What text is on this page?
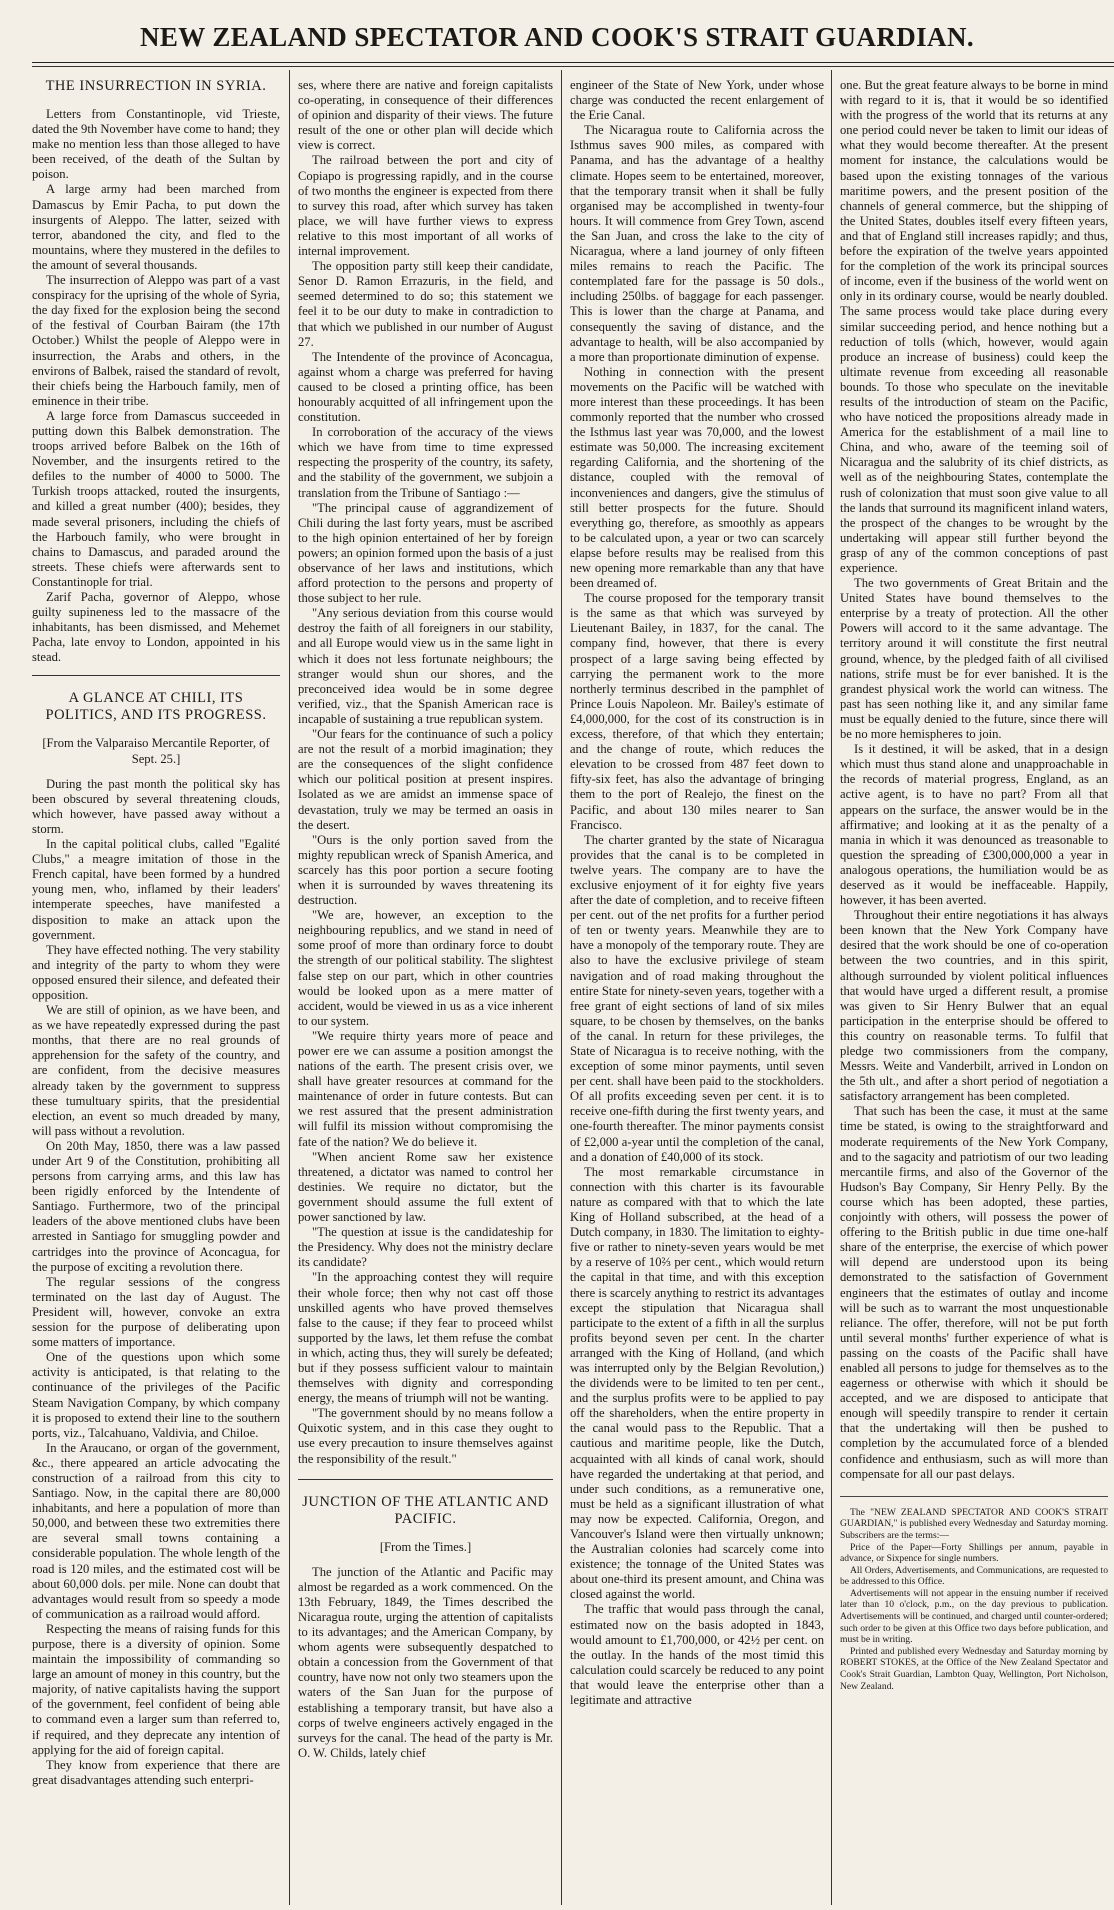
NEW ZEALAND SPECTATOR AND COOK'S STRAIT GUARDIAN.
THE INSURRECTION IN SYRIA.

Letters from Constantinople, vid Trieste, dated the 9th November have come to hand; they make no mention less than those alleged to have been received, of the death of the Sultan by poison.

A large army had been marched from Damascus by Emir Pacha, to put down the insurgents of Aleppo. The latter, seized with terror, abandoned the city, and fled to the mountains, where they mustered in the defiles to the amount of several thousands.

The insurrection of Aleppo was part of a vast conspiracy for the uprising of the whole of Syria, the day fixed for the explosion being the second of the festival of Courban Bairam (the 17th October.) Whilst the people of Aleppo were in insurrection, the Arabs and others, in the environs of Balbek, raised the standard of revolt, their chiefs being the Harbouch family, men of eminence in their tribe.

A large force from Damascus succeeded in putting down this Balbek demonstration. The troops arrived before Balbek on the 16th of November, and the insurgents retired to the defiles to the number of 4000 to 5000. The Turkish troops attacked, routed the insurgents, and killed a great number (400); besides, they made several prisoners, including the chiefs of the Harbouch family, who were brought in chains to Damascus, and paraded around the streets. These chiefs were afterwards sent to Constantinople for trial.

Zarif Pacha, governor of Aleppo, whose guilty supineness led to the massacre of the inhabitants, has been dismissed, and Mehemet Pacha, late envoy to London, appointed in his stead.

A GLANCE AT CHILI, ITS POLITICS, AND ITS PROGRESS.

[From the Valparaiso Mercantile Reporter, of Sept. 25.]

During the past month the political sky has been obscured by several threatening clouds, which however, have passed away without a storm.

In the capital political clubs, called "Egalité Clubs," a meagre imitation of those in the French capital, have been formed by a hundred young men, who, inflamed by their leaders' intemperate speeches, have manifested a disposition to make an attack upon the government.

They have effected nothing. The very stability and integrity of the party to whom they were opposed ensured their silence, and defeated their opposition.

We are still of opinion, as we have been, and as we have repeatedly expressed during the past months, that there are no real grounds of apprehension for the safety of the country, and are confident, from the decisive measures already taken by the government to suppress these tumultuary spirits, that the presidential election, an event so much dreaded by many, will pass without a revolution.

On 20th May, 1850, there was a law passed under Art 9 of the Constitution, prohibiting all persons from carrying arms, and this law has been rigidly enforced by the Intendente of Santiago. Furthermore, two of the principal leaders of the above mentioned clubs have been arrested in Santiago for smuggling powder and cartridges into the province of Aconcagua, for the purpose of exciting a revolution there.

The regular sessions of the congress terminated on the last day of August. The President will, however, convoke an extra session for the purpose of deliberating upon some matters of importance.

One of the questions upon which some activity is anticipated, is that relating to the continuance of the privileges of the Pacific Steam Navigation Company, by which company it is proposed to extend their line to the southern ports, viz., Talcahuano, Valdivia, and Chiloe.

In the Araucano, or organ of the government, &c., there appeared an article advocating the construction of a railroad from this city to Santiago. Now, in the capital there are 80,000 inhabitants, and here a population of more than 50,000, and between these two extremities there are several small towns containing a considerable population. The whole length of the road is 120 miles, and the estimated cost will be about 60,000 dols. per mile. None can doubt that advantages would result from so speedy a mode of communication as a railroad would afford.

Respecting the means of raising funds for this purpose, there is a diversity of opinion. Some maintain the impossibility of commanding so large an amount of money in this country, but the majority, of native capitalists having the support of the government, feel confident of being able to command even a larger sum than referred to, if required, and they deprecate any intention of applying for the aid of foreign capital.

They know from experience that there are great disadvantages attending such enterpri-

ses, where there are native and foreign capitalists co-operating, in consequence of their differences of opinion and disparity of their views. The future result of the one or other plan will decide which view is correct.

The railroad between the port and city of Copiapo is progressing rapidly, and in the course of two months the engineer is expected from there to survey this road, after which survey has taken place, we will have further views to express relative to this most important of all works of internal improvement.

The opposition party still keep their candidate, Senor D. Ramon Errazuris, in the field, and seemed determined to do so; this statement we feel it to be our duty to make in contradiction to that which we published in our number of August 27.

The Intendente of the province of Aconcagua, against whom a charge was preferred for having caused to be closed a printing office, has been honourably acquitted of all infringement upon the constitution.

In corroboration of the accuracy of the views which we have from time to time expressed respecting the prosperity of the country, its safety, and the stability of the government, we subjoin a translation from the Tribune of Santiago :—

"The principal cause of aggrandizement of Chili during the last forty years, must be ascribed to the high opinion entertained of her by foreign powers; an opinion formed upon the basis of a just observance of her laws and institutions, which afford protection to the persons and property of those subject to her rule.

"Any serious deviation from this course would destroy the faith of all foreigners in our stability, and all Europe would view us in the same light in which it does not less fortunate neighbours; the stranger would shun our shores, and the preconceived idea would be in some degree verified, viz., that the Spanish American race is incapable of sustaining a true republican system.

"Our fears for the continuance of such a policy are not the result of a morbid imagination; they are the consequences of the slight confidence which our political position at present inspires. Isolated as we are amidst an immense space of devastation, truly we may be termed an oasis in the desert.

"Ours is the only portion saved from the mighty republican wreck of Spanish America, and scarcely has this poor portion a secure footing when it is surrounded by waves threatening its destruction.

"We are, however, an exception to the neighbouring republics, and we stand in need of some proof of more than ordinary force to doubt the strength of our political stability. The slightest false step on our part, which in other countries would be looked upon as a mere matter of accident, would be viewed in us as a vice inherent to our system.

"We require thirty years more of peace and power ere we can assume a position amongst the nations of the earth. The present crisis over, we shall have greater resources at command for the maintenance of order in future contests. But can we rest assured that the present administration will fulfil its mission without compromising the fate of the nation? We do believe it.

"When ancient Rome saw her existence threatened, a dictator was named to control her destinies. We require no dictator, but the government should assume the full extent of power sanctioned by law.

"The question at issue is the candidateship for the Presidency. Why does not the ministry declare its candidate?

"In the approaching contest they will require their whole force; then why not cast off those unskilled agents who have proved themselves false to the cause; if they fear to proceed whilst supported by the laws, let them refuse the combat in which, acting thus, they will surely be defeated; but if they possess sufficient valour to maintain themselves with dignity and corresponding energy, the means of triumph will not be wanting.

"The government should by no means follow a Quixotic system, and in this case they ought to use every precaution to insure themselves against the responsibility of the result."

JUNCTION OF THE ATLANTIC AND PACIFIC.

[From the Times.]

The junction of the Atlantic and Pacific may almost be regarded as a work commenced. On the 13th February, 1849, the Times described the Nicaragua route, urging the attention of capitalists to its advantages; and the American Company, by whom agents were subsequently despatched to obtain a concession from the Government of that country, have now not only two steamers upon the waters of the San Juan for the purpose of establishing a temporary transit, but have also a corps of twelve engineers actively engaged in the surveys for the canal. The head of the party is Mr. O. W. Childs, lately chief

engineer of the State of New York, under whose charge was conducted the recent enlargement of the Erie Canal.

The Nicaragua route to California across the Isthmus saves 900 miles, as compared with Panama, and has the advantage of a healthy climate. Hopes seem to be entertained, moreover, that the temporary transit when it shall be fully organised may be accomplished in twenty-four hours. It will commence from Grey Town, ascend the San Juan, and cross the lake to the city of Nicaragua, where a land journey of only fifteen miles remains to reach the Pacific. The contemplated fare for the passage is 50 dols., including 250lbs. of baggage for each passenger. This is lower than the charge at Panama, and consequently the saving of distance, and the advantage to health, will be also accompanied by a more than proportionate diminution of expense.

Nothing in connection with the present movements on the Pacific will be watched with more interest than these proceedings. It has been commonly reported that the number who crossed the Isthmus last year was 70,000, and the lowest estimate was 50,000. The increasing excitement regarding California, and the shortening of the distance, coupled with the removal of inconveniences and dangers, give the stimulus of still better prospects for the future. Should everything go, therefore, as smoothly as appears to be calculated upon, a year or two can scarcely elapse before results may be realised from this new opening more remarkable than any that have been dreamed of.

The course proposed for the temporary transit is the same as that which was surveyed by Lieutenant Bailey, in 1837, for the canal. The company find, however, that there is every prospect of a large saving being effected by carrying the permanent work to the more northerly terminus described in the pamphlet of Prince Louis Napoleon. Mr. Bailey's estimate of £4,000,000, for the cost of its construction is in excess, therefore, of that which they entertain; and the change of route, which reduces the elevation to be crossed from 487 feet down to fifty-six feet, has also the advantage of bringing them to the port of Realejo, the finest on the Pacific, and about 130 miles nearer to San Francisco.

The charter granted by the state of Nicaragua provides that the canal is to be completed in twelve years. The company are to have the exclusive enjoyment of it for eighty five years after the date of completion, and to receive fifteen per cent. out of the net profits for a further period of ten or twenty years. Meanwhile they are to have a monopoly of the temporary route. They are also to have the exclusive privilege of steam navigation and of road making throughout the entire State for ninety-seven years, together with a free grant of eight sections of land of six miles square, to be chosen by themselves, on the banks of the canal. In return for these privileges, the State of Nicaragua is to receive nothing, with the exception of some minor payments, until seven per cent. shall have been paid to the stockholders. Of all profits exceeding seven per cent. it is to receive one-fifth during the first twenty years, and one-fourth thereafter. The minor payments consist of £2,000 a-year until the completion of the canal, and a donation of £40,000 of its stock.

The most remarkable circumstance in connection with this charter is its favourable nature as compared with that to which the late King of Holland subscribed, at the head of a Dutch company, in 1830. The limitation to eighty-five or rather to ninety-seven years would be met by a reserve of 10⅔ per cent., which would return the capital in that time, and with this exception there is scarcely anything to restrict its advantages except the stipulation that Nicaragua shall participate to the extent of a fifth in all the surplus profits beyond seven per cent. In the charter arranged with the King of Holland, (and which was interrupted only by the Belgian Revolution,) the dividends were to be limited to ten per cent., and the surplus profits were to be applied to pay off the shareholders, when the entire property in the canal would pass to the Republic. That a cautious and maritime people, like the Dutch, acquainted with all kinds of canal work, should have regarded the undertaking at that period, and under such conditions, as a remunerative one, must be held as a significant illustration of what may now be expected. California, Oregon, and Vancouver's Island were then virtually unknown; the Australian colonies had scarcely come into existence; the tonnage of the United States was about one-third its present amount, and China was closed against the world.

The traffic that would pass through the canal, estimated now on the basis adopted in 1843, would amount to £1,700,000, or 42½ per cent. on the outlay. In the hands of the most timid this calculation could scarcely be reduced to any point that would leave the enterprise other than a legitimate and attractive

one. But the great feature always to be borne in mind with regard to it is, that it would be so identified with the progress of the world that its returns at any one period could never be taken to limit our ideas of what they would become thereafter. At the present moment for instance, the calculations would be based upon the existing tonnages of the various maritime powers, and the present position of the channels of general commerce, but the shipping of the United States, doubles itself every fifteen years, and that of England still increases rapidly; and thus, before the expiration of the twelve years appointed for the completion of the work its principal sources of income, even if the business of the world went on only in its ordinary course, would be nearly doubled. The same process would take place during every similar succeeding period, and hence nothing but a reduction of tolls (which, however, would again produce an increase of business) could keep the ultimate revenue from exceeding all reasonable bounds. To those who speculate on the inevitable results of the introduction of steam on the Pacific, who have noticed the propositions already made in America for the establishment of a mail line to China, and who, aware of the teeming soil of Nicaragua and the salubrity of its chief districts, as well as of the neighbouring States, contemplate the rush of colonization that must soon give value to all the lands that surround its magnificent inland waters, the prospect of the changes to be wrought by the undertaking will appear still further beyond the grasp of any of the common conceptions of past experience.

The two governments of Great Britain and the United States have bound themselves to the enterprise by a treaty of protection. All the other Powers will accord to it the same advantage. The territory around it will constitute the first neutral ground, whence, by the pledged faith of all civilised nations, strife must be for ever banished. It is the grandest physical work the world can witness. The past has seen nothing like it, and any similar fame must be equally denied to the future, since there will be no more hemispheres to join.

Is it destined, it will be asked, that in a design which must thus stand alone and unapproachable in the records of material progress, England, as an active agent, is to have no part? From all that appears on the surface, the answer would be in the affirmative; and looking at it as the penalty of a mania in which it was denounced as treasonable to question the spreading of £300,000,000 a year in analogous operations, the humiliation would be as deserved as it would be ineffaceable. Happily, however, it has been averted.

Throughout their entire negotiations it has always been known that the New York Company have desired that the work should be one of co-operation between the two countries, and in this spirit, although surrounded by violent political influences that would have urged a different result, a promise was given to Sir Henry Bulwer that an equal participation in the enterprise should be offered to this country on reasonable terms. To fulfil that pledge two commissioners from the company, Messrs. Weite and Vanderbilt, arrived in London on the 5th ult., and after a short period of negotiation a satisfactory arrangement has been completed.

That such has been the case, it must at the same time be stated, is owing to the straightforward and moderate requirements of the New York Company, and to the sagacity and patriotism of our two leading mercantile firms, and also of the Governor of the Hudson's Bay Company, Sir Henry Pelly. By the course which has been adopted, these parties, conjointly with others, will possess the power of offering to the British public in due time one-half share of the enterprise, the exercise of which power will depend are understood upon its being demonstrated to the satisfaction of Government engineers that the estimates of outlay and income will be such as to warrant the most unquestionable reliance. The offer, therefore, will not be put forth until several months' further experience of what is passing on the coasts of the Pacific shall have enabled all persons to judge for themselves as to the eagerness or otherwise with which it should be accepted, and we are disposed to anticipate that enough will speedily transpire to render it certain that the undertaking will then be pushed to completion by the accumulated force of a blended confidence and enthusiasm, such as will more than compensate for all our past delays.

The "NEW ZEALAND SPECTATOR AND COOK'S STRAIT GUARDIAN," is published every Wednesday and Saturday morning. Subscribers are the terms:—

Price of the Paper—Forty Shillings per annum, payable in advance, or Sixpence for single numbers.

All Orders, Advertisements, and Communications, are requested to be addressed to this Office.

Advertisements will not appear in the ensuing number if received later than 10 o'clock, p.m., on the day previous to publication. Advertisements will be continued, and charged until counter-ordered; such order to be given at this Office two days before publication, and must be in writing.

Printed and published every Wednesday and Saturday morning by ROBERT STOKES, at the Office of the New Zealand Spectator and Cook's Strait Guardian, Lambton Quay, Wellington, Port Nicholson, New Zealand.
